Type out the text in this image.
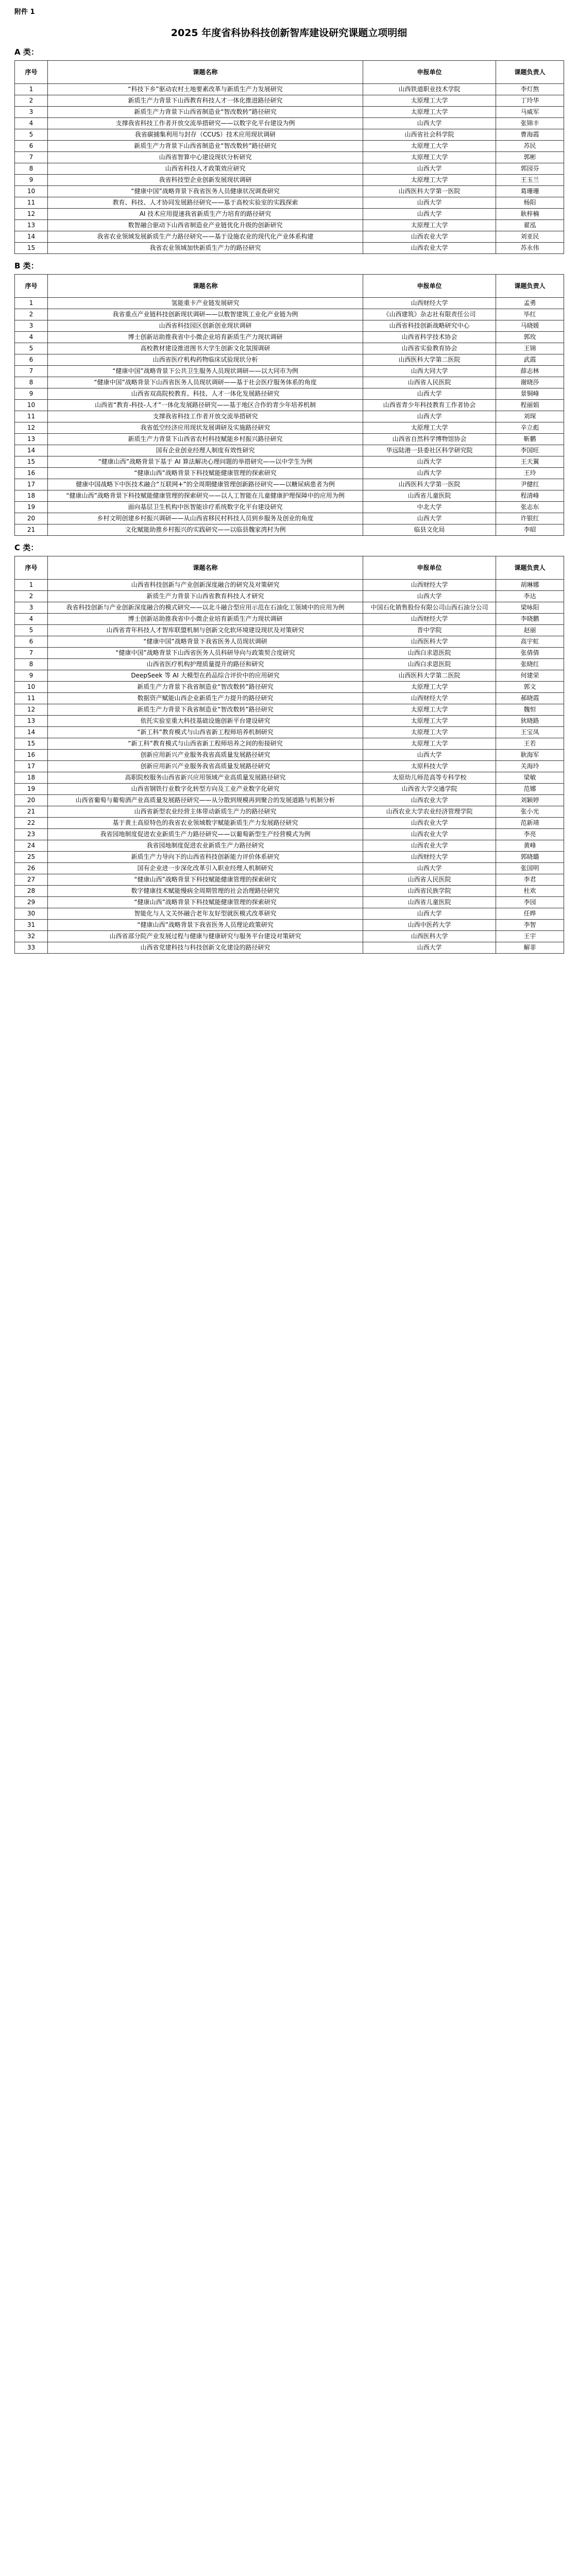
附件 1
2025 年度省科协科技创新智库建设研究课题立项明细
A 类：
序号	课题名称	申报单位	课题负责人
1	“科技下乡”驱动农村土地要素改革与新质生产力发展研究	山西铁道职业技术学院	李灯熬
2	新质生产力背景下山西教育科技人才一体化推进路径研究	太原理工大学	丁玲华
3	新质生产力背景下山西省制造业“智改数转”路径研究	太原理工大学	马威军
4	支撑我省科技工作者开放交流举措研究——以数字化平台建设为例	山西大学	张锦丰
5	我省碳捕集利用与封存（CCUS）技术应用现状调研	山西省社会科学院	曹海霞
6	新质生产力背景下山西省制造业“智改数转”路径研究	太原理工大学	苏民
7	山西省智算中心建设现状分析研究	太原理工大学	郭彬
8	山西省科技人才政策效应研究	山西大学	郭园芬
9	我省科技型企业创新发展现状调研	太原理工大学	王玉兰
10	“健康中国”战略背景下我省医务人员健康状况调查研究	山西医科大学第一医院	葛珊珊
11	教育、科技、人才协同发展路径研究——基于高校实验室的实践探索	山西大学	杨阳
12	AI 技术应用提速我省新质生产力培育的路径研究	山西大学	耿梓楠
13	数智融合驱动下山西省制造业产业链优化升级的创新研究	太原理工大学	翟泓
14	我省农业领域发展新质生产力路径研究——基于设施农业的现代化产业体系构建	山西农业大学	刘亚民
15	我省农业领域加快新质生产力的路径研究	山西农业大学	苏永伟
B 类：
序号	课题名称	申报单位	课题负责人
1	氢能重卡产业链发展研究	山西财经大学	孟勇
2	我省重点产业链科技创新现状调研——以数智建筑工业化产业链为例	《山西建筑》杂志社有限责任公司	毕红
3	山西省科技园区创新创业现状调研	山西省科技创新战略研究中心	马晓媛
4	博士创新站助推我省中小微企业培育新质生产力现状调研	山西省科学技术协会	郭玫
5	高校教材建设推进图书大学生创新文化氛围调研	山西省实验教育协会	王锦
6	山西省医疗机构药物临床试验现状分析	山西医科大学第二医院	武霞
7	“健康中国”战略背景下公共卫生服务人员现状调研——以大同市为例	山西大同大学	薛志林
8	“健康中国”战略背景下山西省医务人员现状调研——基于社会医疗服务体系的角度	山西省人民医院	谢晓莎
9	山西省双高院校教育、科技、人才一体化发展路径研究	山西大学	景铜峰
10	山西省“教育-科技-人才”一体化发展路径研究——基于地区合作的青少年培养机制	山西省青少年科技教育工作者协会	程丽娟
11	支撑我省科技工作者开放交流举措研究	山西大学	刘琛
12	我省低空经济应用现状发展调研及实施路径研究	太原理工大学	辛立彪
13	新质生产力背景下山西省农村科技赋能乡村振兴路径研究	山西省自然科学博物馆协会	靳鹏
14	国有企业创业经理人制度有效性研究	华远陆港一县委社区科学研究院	李国旺
15	“健康山西”战略背景下基于 AI 算法解决心理问题的举措研究——以中学生为例	山西大学	王天翼
16	“健康山西”战略背景下科技赋能健康管理的探索研究	山西大学	王玲
17	健康中国战略下中医技术融合“互联网+”的全周期健康管理创新路径研究——以糖尿病患者为例	山西医科大学第一医院	尹健红
18	“健康山西”战略背景下科技赋能健康管理的探索研究——以人工智能在儿童健康护理保障中的应用为例	山西省儿童医院	程清峰
19	面向基层卫生机构中医智能诊疗系统数字化平台建设研究	中北大学	张志东
20	乡村文明创建乡村振兴调研——从山西省移民村科技人员到乡服务及创业的角度	山西大学	许银红
21	文化赋能助推乡村振兴的实践研究——以临县魏家湾村为例	临县文化局	李昭
C 类：
序号	课题名称	申报单位	课题负责人
1	山西省科技创新与产业创新深度融合的研究及对策研究	山西财经大学	胡琳娜
2	新质生产力背景下山西省教育科技人才研究	山西大学	李达
3	我省科技创新与产业创新深度融合的模式研究——以北斗融合型应用示范在石油化工领域中的应用为例	中国石化销售股份有限公司山西石油分公司	梁咏阳
4	博士创新站助推我省中小微企业培育新质生产力现状调研	山西财经大学	李晓鹏
5	山西省青年科技人才智库联盟机制与创新文化软环境建设现状及对策研究	晋中学院	赵丽
6	“健康中国”战略背景下我省医务人员现状调研	山西医科大学	高宇虹
7	“健康中国”战略背景下山西省医务人员科研导向与政策契合度研究	山西白求恩医院	张倩倩
8	山西省医疗机构护理质量提升的路径和研究	山西白求恩医院	张晓红
9	DeepSeek 等 AI 大模型在药品综合评价中的应用研究	山西医科大学第二医院	何建荣
10	新质生产力背景下我省制造业“智改数转”路径研究	太原理工大学	郭文
11	数据资产赋能山西企业新质生产力提升的路径研究	山西财经大学	郝晓霞
12	新质生产力背景下我省制造业“智改数转”路径研究	太原理工大学	魏恒
13	依托实验室重大科技基础设施创新平台建设研究	太原理工大学	狄晓路
14	“新工科”教育模式与山西省新工程师培养机制研究	太原理工大学	王宝凤
15	“新工科”教育模式与山西省新工程师培养之间的衔接研究	太原理工大学	王若
16	创新应用新兴产业服务我省高质量发展路径研究	山西大学	耿海军
17	创新应用新兴产业服务我省高质量发展路径研究	太原科技大学	关海玲
18	高职院校服务山西省新兴应用领域产业高质量发展路径研究	太原幼儿师范高等专科学校	梁敏
19	山西省钢铁行业数字化转型方向及工业产业数字化研究	山西省大学交通学院	范娜
20	山西省葡萄与葡萄酒产业高质量发展路径研究——从分散到规模再到聚合的发展道路与机制分析	山西农业大学	刘颖婷
21	山西省新型农业经营主体带动新质生产力的路径研究	山西农业大学农业经济管理学院	张小光
22	基于黄土高原特色的我省农业领域数字赋能新质生产力发展路径研究	山西农业大学	范新靖
23	我省园地制度促进农业新质生产力路径研究——以葡萄新型生产经营模式为例	山西农业大学	李亮
24	我省园地制度促进农业新质生产力路径研究	山西农业大学	黄峰
25	新质生产力导向下的山西省科技创新能力评价体系研究	山西财经大学	郭晓璐
26	国有企业进一步深化改革引入职业经理人机制研究	山西大学	张国明
27	“健康山西”战略背景下科技赋能健康管理的探索研究	山西省人民医院	李君
28	数字健康技术赋能慢病全周期管理的社会治理路径研究	山西省民族学院	杜欢
29	“健康山西”战略背景下科技赋能健康管理的探索研究	山西省儿童医院	李园
30	智能化与人文关怀融合老年友好型就医模式改革研究	山西大学	任晔
31	“健康山西”战略背景下我省医务人员理论政策研究	山西中医药大学	李智
32	山西省部分院产业发展过程与健康与健康研究与服务平台建设对策研究	山西医科大学	王宇
33	山西省党建科技与科技创新文化建设的路径研究	山西大学	解菲
